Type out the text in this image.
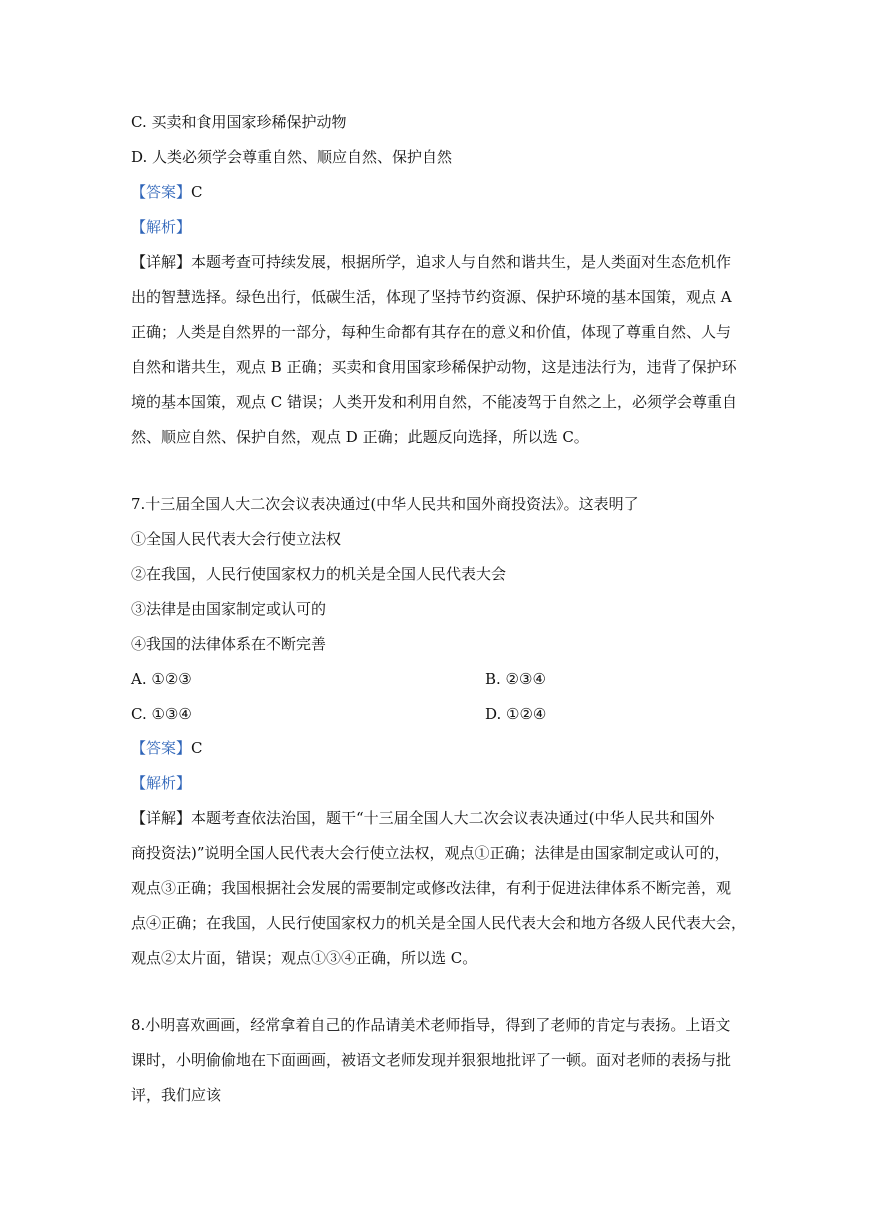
C. 买卖和食用国家珍稀保护动物
D. 人类必须学会尊重自然、顺应自然、保护自然
【答案】C
【解析】
【详解】本题考查可持续发展，根据所学，追求人与自然和谐共生，是人类面对生态危机作
出的智慧选择。绿色出行，低碳生活，体现了坚持节约资源、保护环境的基本国策，观点 A
正确；人类是自然界的一部分，每种生命都有其存在的意义和价值，体现了尊重自然、人与
自然和谐共生，观点 B 正确；买卖和食用国家珍稀保护动物，这是违法行为，违背了保护环
境的基本国策，观点 C 错误；人类开发和利用自然，不能凌驾于自然之上，必须学会尊重自
然、顺应自然、保护自然，观点 D 正确；此题反向选择，所以选 C。
7.十三届全国人大二次会议表决通过(中华人民共和国外商投资法》。这表明了
①全国人民代表大会行使立法权
②在我国，人民行使国家权力的机关是全国人民代表大会
③法律是由国家制定或认可的
④我国的法律体系在不断完善
A. ①②③	B. ②③④
C. ①③④	D. ①②④
【答案】C
【解析】
【详解】本题考查依法治国，题干“十三届全国人大二次会议表决通过(中华人民共和国外
商投资法)”说明全国人民代表大会行使立法权，观点①正确；法律是由国家制定或认可的，
观点③正确；我国根据社会发展的需要制定或修改法律，有利于促进法律体系不断完善，观
点④正确；在我国，人民行使国家权力的机关是全国人民代表大会和地方各级人民代表大会，
观点②太片面，错误；观点①③④正确，所以选 C。
8.小明喜欢画画，经常拿着自己的作品请美术老师指导，得到了老师的肯定与表扬。上语文
课时，小明偷偷地在下面画画，被语文老师发现并狠狠地批评了一顿。面对老师的表扬与批
评，我们应该
